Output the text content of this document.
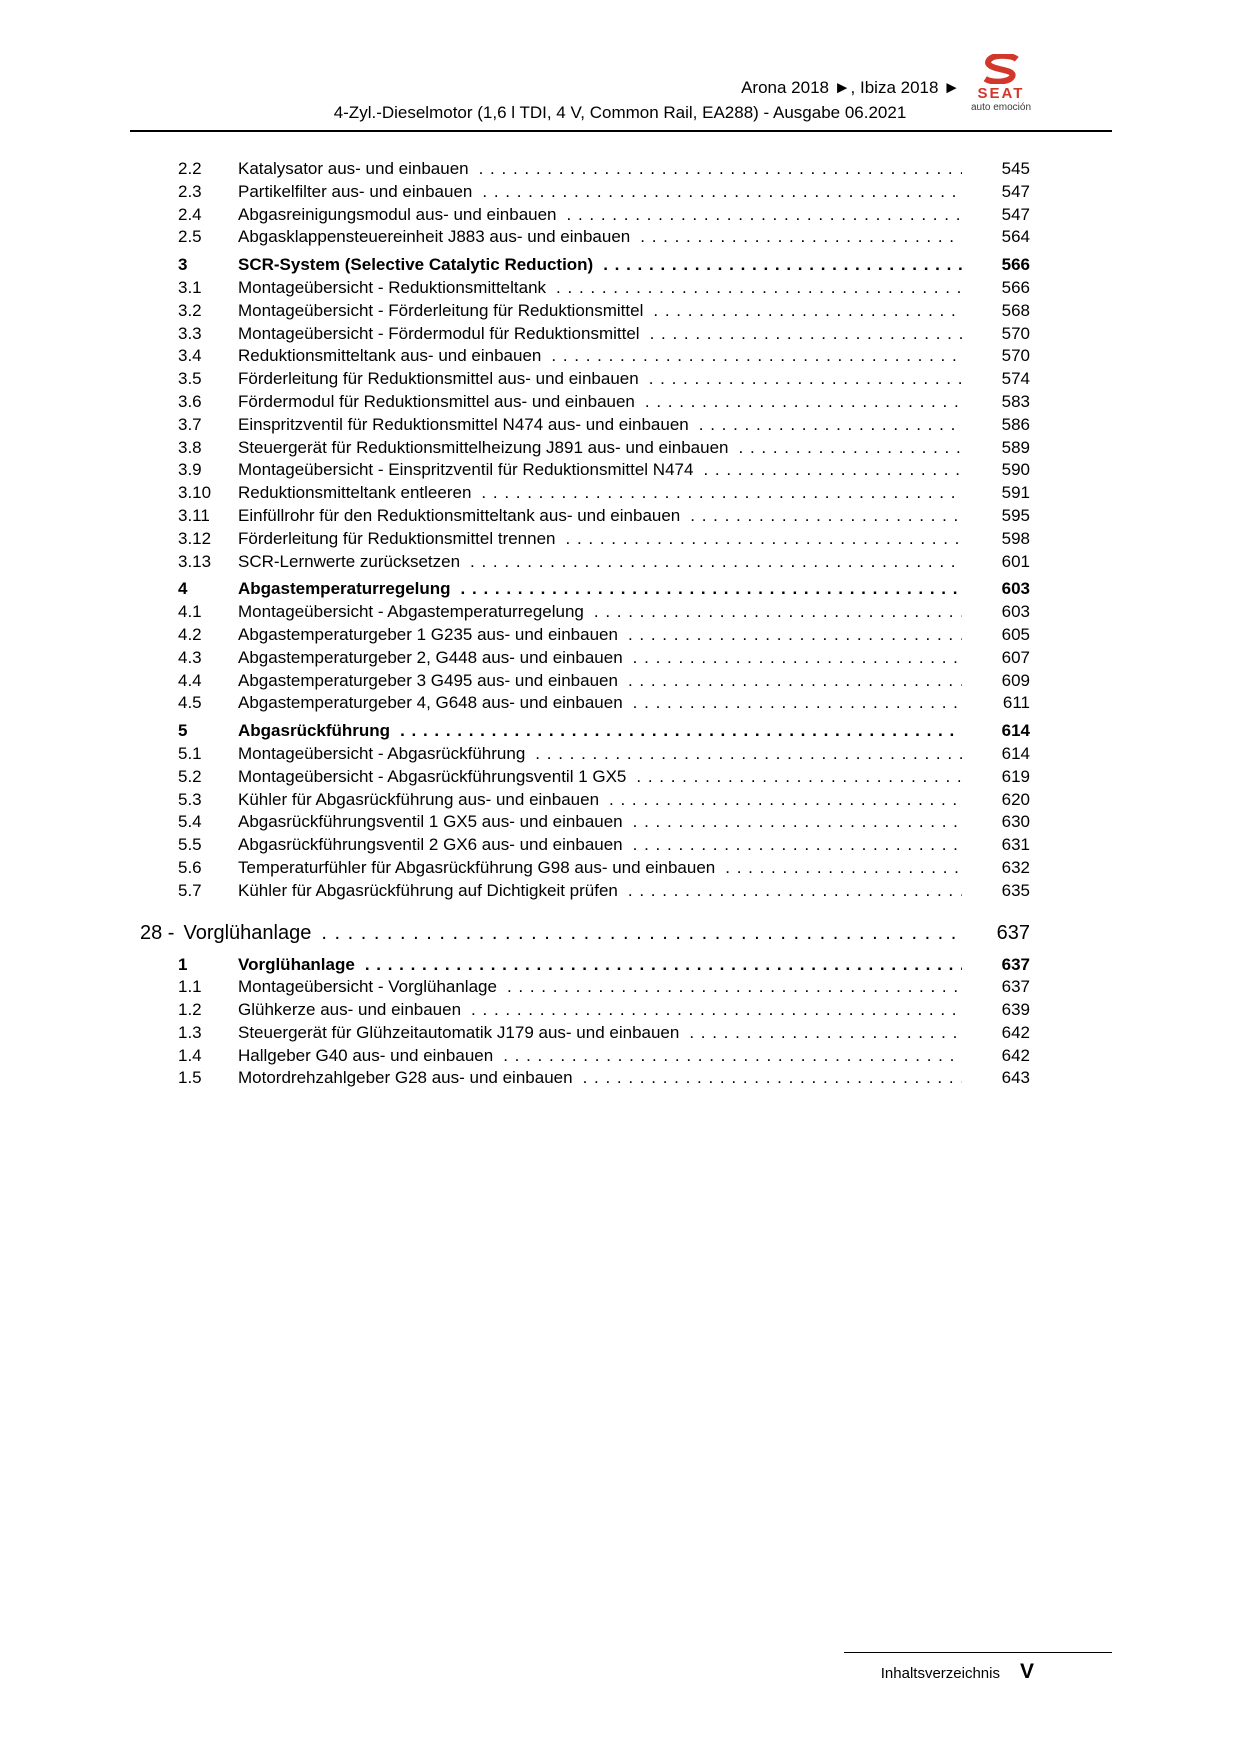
SEAT
auto emoción
Arona 2018 ►, Ibiza 2018 ►
4-Zyl.-Dieselmotor (1,6 l TDI, 4 V, Common Rail, EA288) - Ausgabe 06.2021
2.2	Katalysator aus- und einbauen . . .	545
2.3	Partikelfilter aus- und einbauen . . .	547
2.4	Abgasreinigungsmodul aus- und einbauen . . .	547
2.5	Abgasklappensteuereinheit J883 aus- und einbauen . . .	564
3	SCR-System (Selective Catalytic Reduction) . . .	566
3.1	Montageübersicht - Reduktionsmitteltank . . .	566
3.2	Montageübersicht - Förderleitung für Reduktionsmittel . . .	568
3.3	Montageübersicht - Fördermodul für Reduktionsmittel . . .	570
3.4	Reduktionsmitteltank aus- und einbauen . . .	570
3.5	Förderleitung für Reduktionsmittel aus- und einbauen . . .	574
3.6	Fördermodul für Reduktionsmittel aus- und einbauen . . .	583
3.7	Einspritzventil für Reduktionsmittel N474 aus- und einbauen . . .	586
3.8	Steuergerät für Reduktionsmittelheizung J891 aus- und einbauen . . .	589
3.9	Montageübersicht - Einspritzventil für Reduktionsmittel N474 . . .	590
3.10	Reduktionsmitteltank entleeren . . .	591
3.11	Einfüllrohr für den Reduktionsmitteltank aus- und einbauen . . .	595
3.12	Förderleitung für Reduktionsmittel trennen . . .	598
3.13	SCR-Lernwerte zurücksetzen . . .	601
4	Abgastemperaturregelung . . .	603
4.1	Montageübersicht - Abgastemperaturregelung . . .	603
4.2	Abgastemperaturgeber 1 G235 aus- und einbauen . . .	605
4.3	Abgastemperaturgeber 2, G448 aus- und einbauen . . .	607
4.4	Abgastemperaturgeber 3 G495 aus- und einbauen . . .	609
4.5	Abgastemperaturgeber 4, G648 aus- und einbauen . . .	611
5	Abgasrückführung . . .	614
5.1	Montageübersicht - Abgasrückführung . . .	614
5.2	Montageübersicht - Abgasrückführungsventil 1 GX5 . . .	619
5.3	Kühler für Abgasrückführung aus- und einbauen . . .	620
5.4	Abgasrückführungsventil 1 GX5 aus- und einbauen . . .	630
5.5	Abgasrückführungsventil 2 GX6 aus- und einbauen . . .	631
5.6	Temperaturfühler für Abgasrückführung G98 aus- und einbauen . . .	632
5.7	Kühler für Abgasrückführung auf Dichtigkeit prüfen . . .	635
28 - Vorglühanlage . . .	637
1	Vorglühanlage . . .	637
1.1	Montageübersicht - Vorglühanlage . . .	637
1.2	Glühkerze aus- und einbauen . . .	639
1.3	Steuergerät für Glühzeitautomatik J179 aus- und einbauen . . .	642
1.4	Hallgeber G40 aus- und einbauen . . .	642
1.5	Motordrehzahlgeber G28 aus- und einbauen . . .	643
Inhaltsverzeichnis V
